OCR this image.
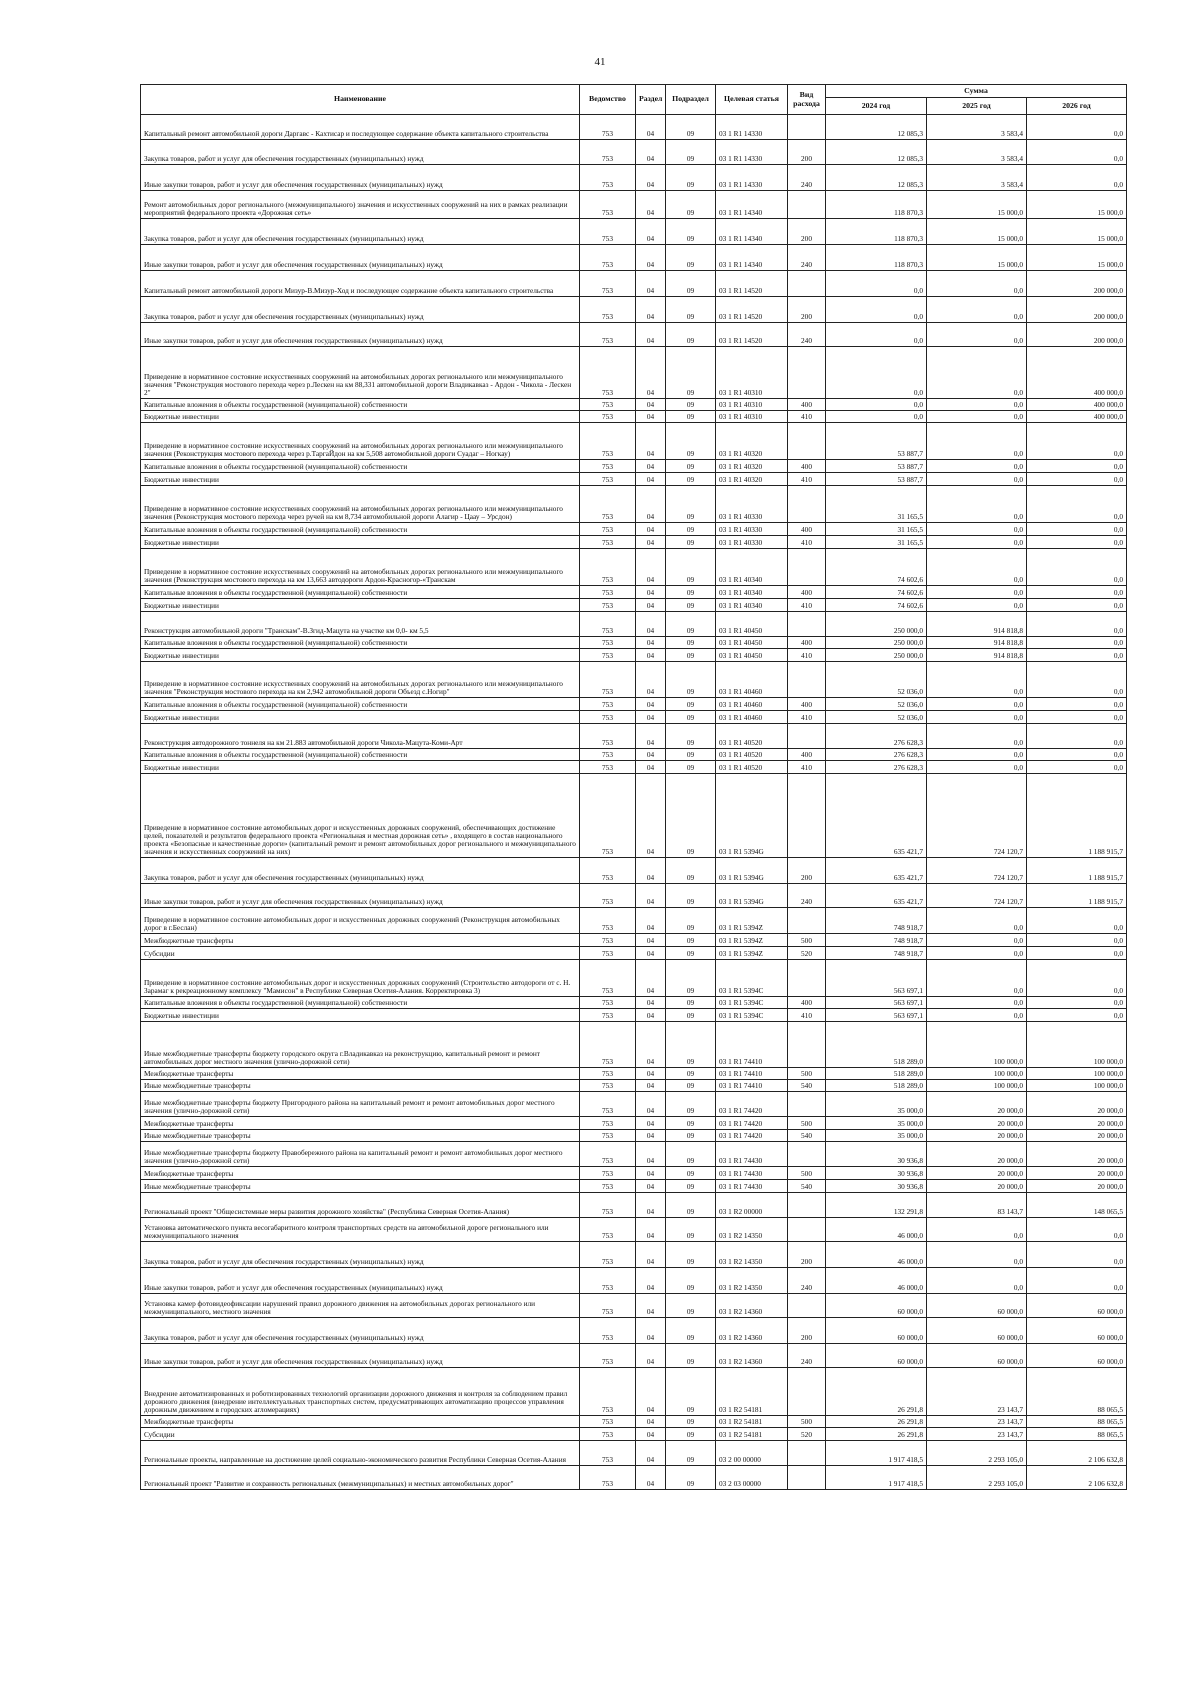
41
Наименование	Ведомство	Раздел	Подраздел	Целевая статья	Вид расхода	Сумма		
						2024 год	2025 год	2026 год
Капитальный ремонт автомобильной дороги Даргавс - Кахтисар и последующее содержание объекта капитального строительства	753	04	09	03 1 R1 14330		12 085,3	3 583,4	0,0
Закупка товаров, работ и услуг для обеспечения государственных (муниципальных) нужд	753	04	09	03 1 R1 14330	200	12 085,3	3 583,4	0,0
Иные закупки товаров, работ и услуг для обеспечения государственных (муниципальных) нужд	753	04	09	03 1 R1 14330	240	12 085,3	3 583,4	0,0
Ремонт автомобильных дорог регионального (межмуниципального) значения и искусственных сооружений на них в рамках реализации мероприятий федерального проекта «Дорожная сеть»	753	04	09	03 1 R1 14340		118 870,3	15 000,0	15 000,0
Закупка товаров, работ и услуг для обеспечения государственных (муниципальных) нужд	753	04	09	03 1 R1 14340	200	118 870,3	15 000,0	15 000,0
Иные закупки товаров, работ и услуг для обеспечения государственных (муниципальных) нужд	753	04	09	03 1 R1 14340	240	118 870,3	15 000,0	15 000,0
Капитальный ремонт автомобильной дороги Мизур-В.Мизур-Ход и последующее содержание объекта капитального строительства	753	04	09	03 1 R1 14520		0,0	0,0	200 000,0
Закупка товаров, работ и услуг для обеспечения государственных (муниципальных) нужд	753	04	09	03 1 R1 14520	200	0,0	0,0	200 000,0
Иные закупки товаров, работ и услуг для обеспечения государственных (муниципальных) нужд	753	04	09	03 1 R1 14520	240	0,0	0,0	200 000,0
Приведение в нормативное состояние искусственных сооружений на автомобильных дорогах регионального или межмуниципального значения "Реконструкция мостового перехода через р.Лескен на км 88,331 автомобильной дороги Владикавказ - Ардон - Чикола - Лескен 2"	753	04	09	03 1 R1 40310		0,0	0,0	400 000,0
Капитальные вложения в объекты государственной (муниципальной) собственности	753	04	09	03 1 R1 40310	400	0,0	0,0	400 000,0
Бюджетные инвестиции	753	04	09	03 1 R1 40310	410	0,0	0,0	400 000,0
Приведение в нормативное состояние искусственных сооружений на автомобильных дорогах регионального или межмуниципального значения (Реконструкция мостового перехода через р.ТаргаЙдон на км 5,508 автомобильной дороги Суадаг – Ногкау)	753	04	09	03 1 R1 40320		53 887,7	0,0	0,0
Капитальные вложения в объекты государственной (муниципальной) собственности	753	04	09	03 1 R1 40320	400	53 887,7	0,0	0,0
Бюджетные инвестиции	753	04	09	03 1 R1 40320	410	53 887,7	0,0	0,0
Приведение в нормативное состояние искусственных сооружений на автомобильных дорогах регионального или межмуниципального значения (Реконструкция мостового перехода через ручей на км 8,734 автомобильной дороги Алагир - Цаау – Урсдон)	753	04	09	03 1 R1 40330		31 165,5	0,0	0,0
Капитальные вложения в объекты государственной (муниципальной) собственности	753	04	09	03 1 R1 40330	400	31 165,5	0,0	0,0
Бюджетные инвестиции	753	04	09	03 1 R1 40330	410	31 165,5	0,0	0,0
Приведение в нормативное состояние искусственных сооружений на автомобильных дорогах регионального или межмуниципального значения (Реконструкция мостового перехода на км 13,663 автодороги Ардон-Красногор-«Транскам	753	04	09	03 1 R1 40340		74 602,6	0,0	0,0
Капитальные вложения в объекты государственной (муниципальной) собственности	753	04	09	03 1 R1 40340	400	74 602,6	0,0	0,0
Бюджетные инвестиции	753	04	09	03 1 R1 40340	410	74 602,6	0,0	0,0
Реконструкция автомобильной дороги "Транскам"-В.Згид-Мацута на участке км 0,0- км 5,5	753	04	09	03 1 R1 40450		250 000,0	914 818,8	0,0
Капитальные вложения в объекты государственной (муниципальной) собственности	753	04	09	03 1 R1 40450	400	250 000,0	914 818,8	0,0
Бюджетные инвестиции	753	04	09	03 1 R1 40450	410	250 000,0	914 818,8	0,0
Приведение в нормативное состояние искусственных сооружений на автомобильных дорогах регионального или межмуниципального значения "Реконструкция мостового перехода на км 2,942 автомобильной дороги Объезд с.Ногир"	753	04	09	03 1 R1 40460		52 036,0	0,0	0,0
Капитальные вложения в объекты государственной (муниципальной) собственности	753	04	09	03 1 R1 40460	400	52 036,0	0,0	0,0
Бюджетные инвестиции	753	04	09	03 1 R1 40460	410	52 036,0	0,0	0,0
Реконструкция автодорожного тоннеля на км 21.883 автомобильной дороги Чикола-Мацута-Коми-Арт	753	04	09	03 1 R1 40520		276 628,3	0,0	0,0
Капитальные вложения в объекты государственной (муниципальной) собственности	753	04	09	03 1 R1 40520	400	276 628,3	0,0	0,0
Бюджетные инвестиции	753	04	09	03 1 R1 40520	410	276 628,3	0,0	0,0
Приведение в нормативное состояние автомобильных дорог и искусственных дорожных сооружений, обеспечивающих достижение целей, показателей и результатов федерального проекта «Региональная и местная дорожная сеть» , входящего в состав национального проекта «Безопасные и качественные дороги» (капитальный ремонт и ремонт автомобильных дорог регионального и межмуниципального значения и искусственных сооружений на них)	753	04	09	03 1 R1 5394G		635 421,7	724 120,7	1 188 915,7
Закупка товаров, работ и услуг для обеспечения государственных (муниципальных) нужд	753	04	09	03 1 R1 5394G	200	635 421,7	724 120,7	1 188 915,7
Иные закупки товаров, работ и услуг для обеспечения государственных (муниципальных) нужд	753	04	09	03 1 R1 5394G	240	635 421,7	724 120,7	1 188 915,7
Приведение в нормативное состояние автомобильных дорог и искусственных дорожных сооружений (Реконструкция автомобильных дорог в г.Беслан)	753	04	09	03 1 R1 5394Z		748 918,7	0,0	0,0
Межбюджетные трансферты	753	04	09	03 1 R1 5394Z	500	748 918,7	0,0	0,0
Субсидии	753	04	09	03 1 R1 5394Z	520	748 918,7	0,0	0,0
Приведение в нормативное состояние автомобильных дорог и искусственных дорожных сооружений (Строительство автодороги от с. Н. Зарамаг к рекреационному комплексу "Мамисон" в Республике Северная Осетия-Алания. Корректировка 3)	753	04	09	03 1 R1 5394C		563 697,1	0,0	0,0
Капитальные вложения в объекты государственной (муниципальной) собственности	753	04	09	03 1 R1 5394C	400	563 697,1	0,0	0,0
Бюджетные инвестиции	753	04	09	03 1 R1 5394C	410	563 697,1	0,0	0,0
Иные межбюджетные трансферты бюджету городского округа г.Владикавказ на реконструкцию, капитальный ремонт и ремонт автомобильных дорог местного значения (улично-дорожной сети)	753	04	09	03 1 R1 74410		518 289,0	100 000,0	100 000,0
Межбюджетные трансферты	753	04	09	03 1 R1 74410	500	518 289,0	100 000,0	100 000,0
Иные межбюджетные трансферты	753	04	09	03 1 R1 74410	540	518 289,0	100 000,0	100 000,0
Иные межбюджетные трансферты бюджету Пригородного района на капитальный ремонт и ремонт автомобильных дорог местного значения (улично-дорожной сети)	753	04	09	03 1 R1 74420		35 000,0	20 000,0	20 000,0
Межбюджетные трансферты	753	04	09	03 1 R1 74420	500	35 000,0	20 000,0	20 000,0
Иные межбюджетные трансферты	753	04	09	03 1 R1 74420	540	35 000,0	20 000,0	20 000,0
Иные межбюджетные трансферты бюджету Правобережного района на капитальный ремонт и ремонт автомобильных дорог местного значения (улично-дорожной сети)	753	04	09	03 1 R1 74430		30 936,8	20 000,0	20 000,0
Межбюджетные трансферты	753	04	09	03 1 R1 74430	500	30 936,8	20 000,0	20 000,0
Иные межбюджетные трансферты	753	04	09	03 1 R1 74430	540	30 936,8	20 000,0	20 000,0
Региональный проект "Общесистемные меры развития дорожного хозяйства" (Республика Северная Осетия-Алания)	753	04	09	03 1 R2 00000		132 291,8	83 143,7	148 065,5
Установка автоматического пункта весогабаритного контроля транспортных средств на автомобильной дороге регионального или межмуниципального значения	753	04	09	03 1 R2 14350		46 000,0	0,0	0,0
Закупка товаров, работ и услуг для обеспечения государственных (муниципальных) нужд	753	04	09	03 1 R2 14350	200	46 000,0	0,0	0,0
Иные закупки товаров, работ и услуг для обеспечения государственных (муниципальных) нужд	753	04	09	03 1 R2 14350	240	46 000,0	0,0	0,0
Установка камер фотовидеофиксации нарушений правил дорожного движения на автомобильных дорогах регионального или межмуниципального, местного значения	753	04	09	03 1 R2 14360		60 000,0	60 000,0	60 000,0
Закупка товаров, работ и услуг для обеспечения государственных (муниципальных) нужд	753	04	09	03 1 R2 14360	200	60 000,0	60 000,0	60 000,0
Иные закупки товаров, работ и услуг для обеспечения государственных (муниципальных) нужд	753	04	09	03 1 R2 14360	240	60 000,0	60 000,0	60 000,0
Внедрение автоматизированных и роботизированных технологий организации дорожного движения и контроля за соблюдением правил дорожного движения (внедрение интеллектуальных транспортных систем, предусматривающих автоматизацию процессов управления дорожным движением в городских агломерациях)	753	04	09	03 1 R2 54181		26 291,8	23 143,7	88 065,5
Межбюджетные трансферты	753	04	09	03 1 R2 54181	500	26 291,8	23 143,7	88 065,5
Субсидии	753	04	09	03 1 R2 54181	520	26 291,8	23 143,7	88 065,5
Региональные проекты, направленные на достижение целей социально-экономического развития Республики Северная Осетия-Алания	753	04	09	03 2 00 00000		1 917 418,5	2 293 105,0	2 106 632,8
Региональный проект "Развитие и сохранность региональных (межмуниципальных) и местных автомобильных дорог"	753	04	09	03 2 03 00000		1 917 418,5	2 293 105,0	2 106 632,8
